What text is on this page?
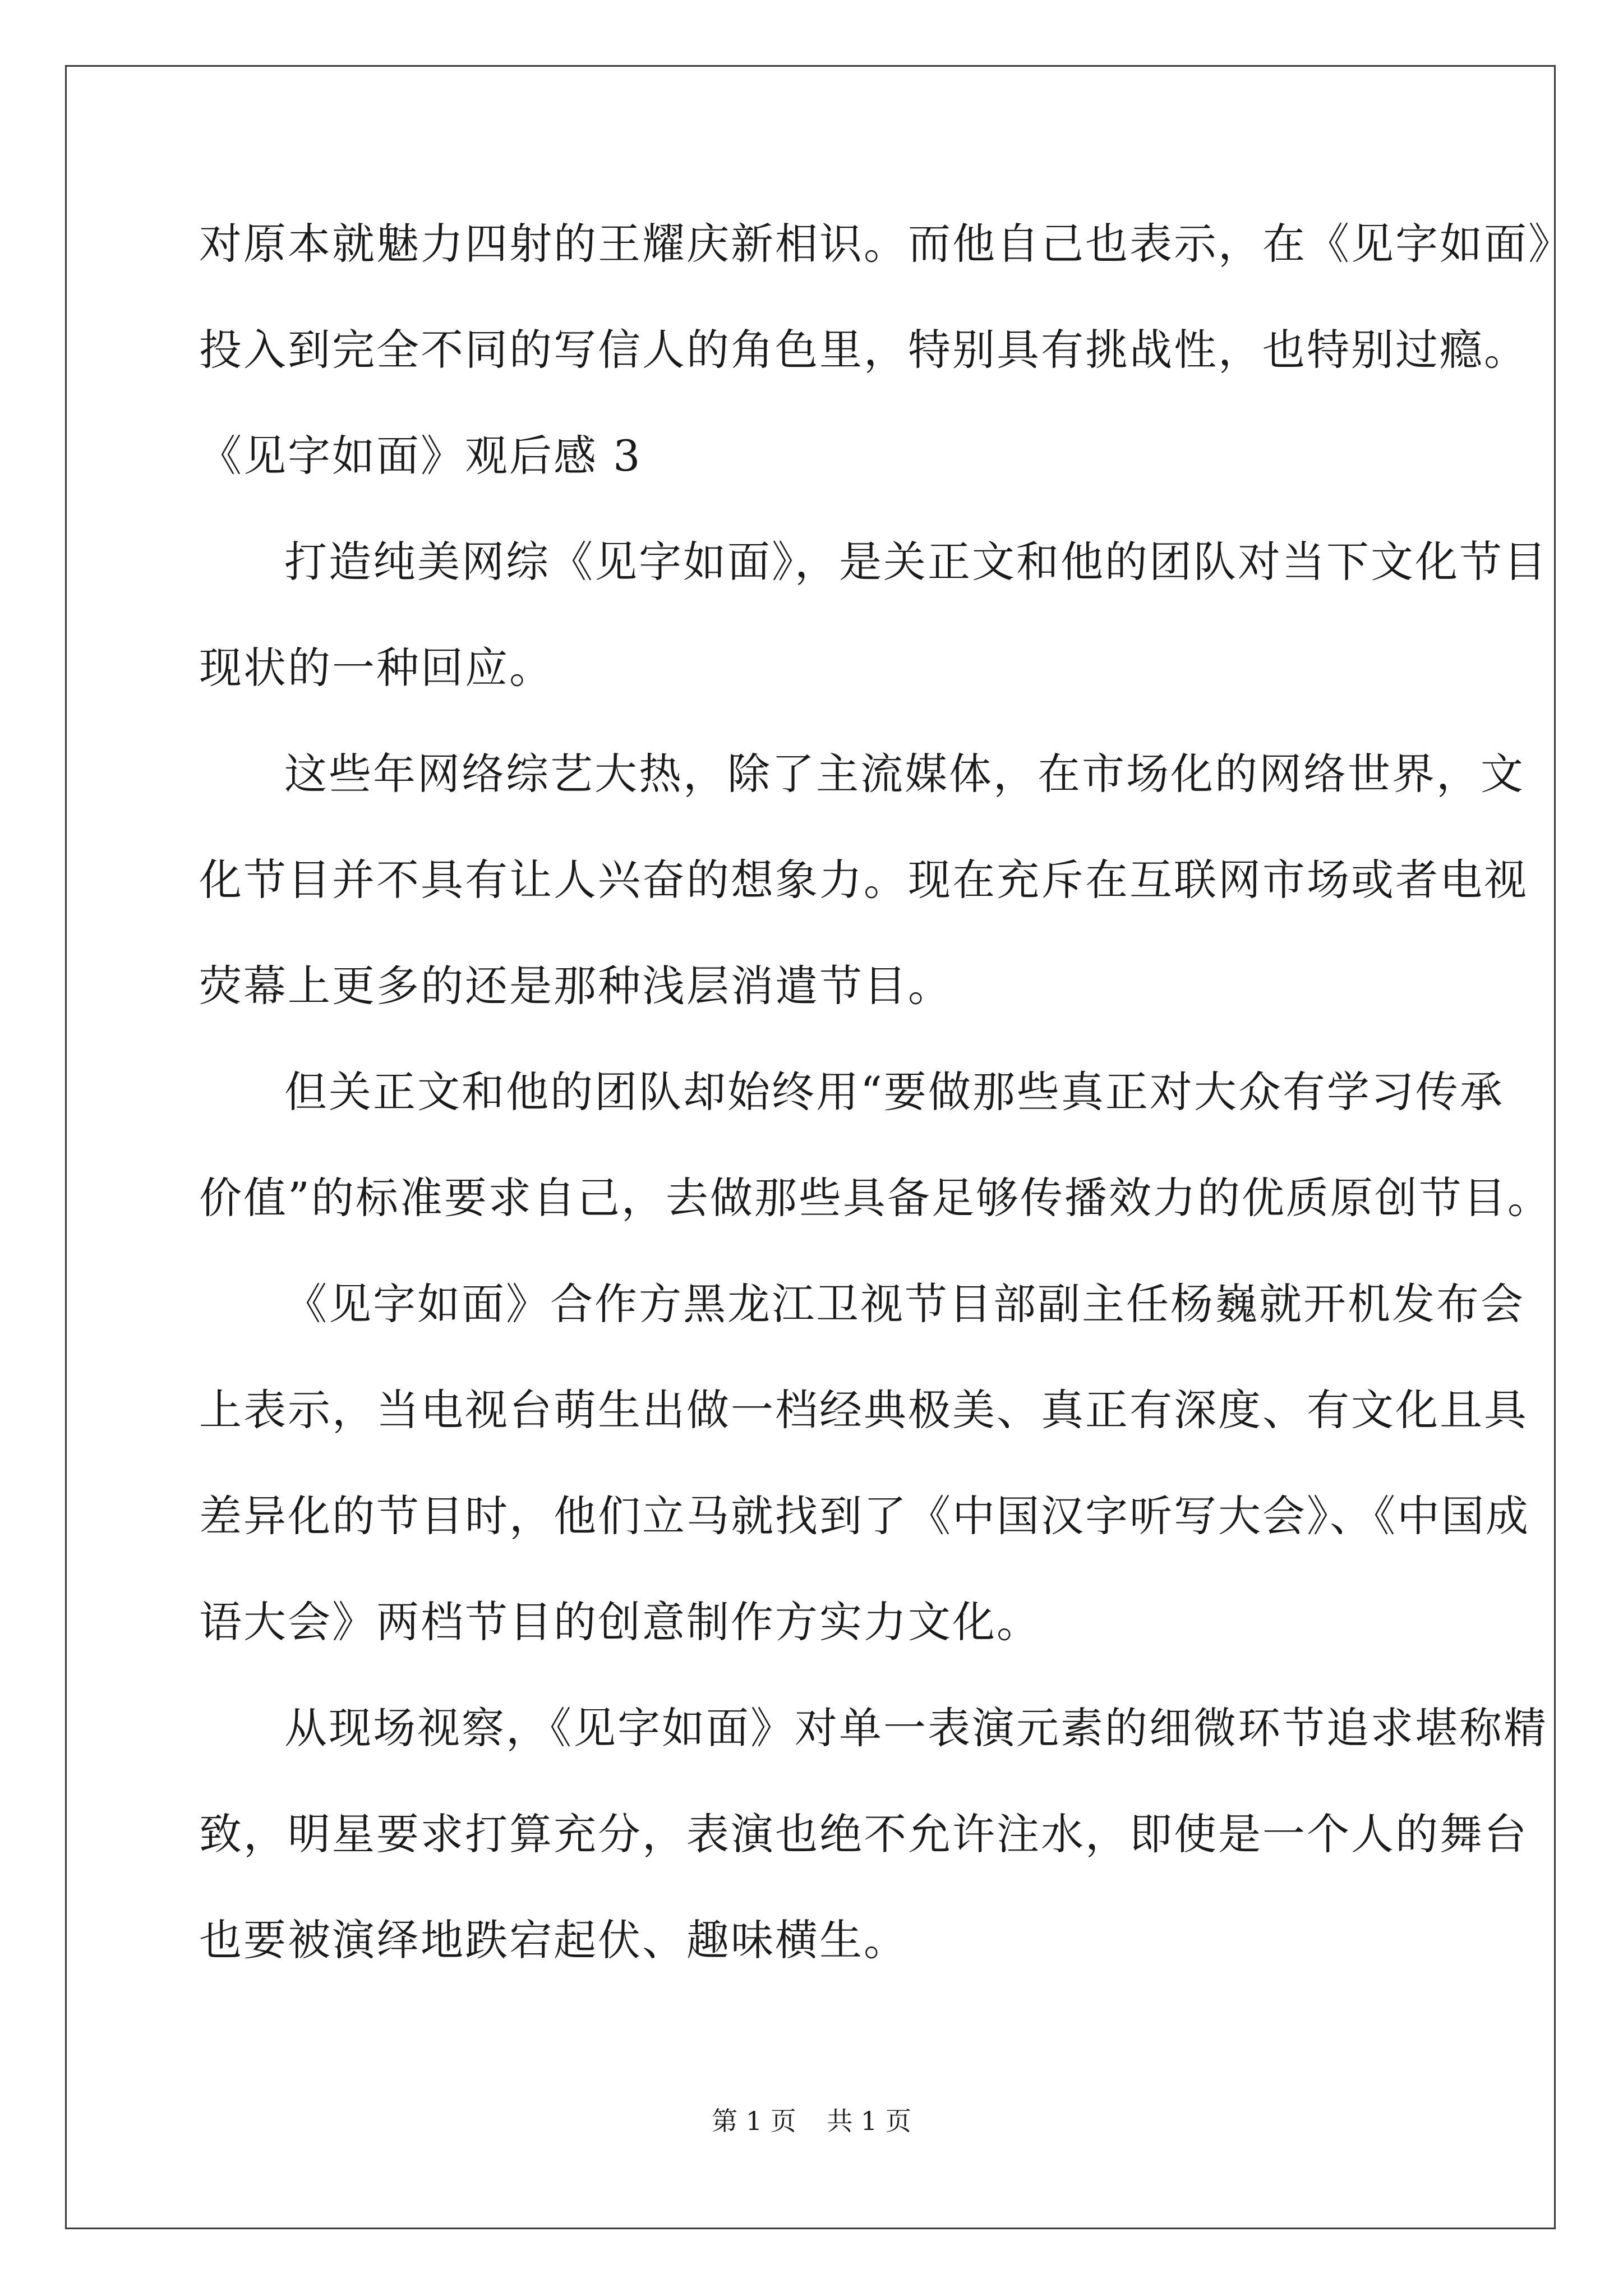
对原本就魅力四射的王耀庆新相识。而他自己也表示，在《见字如面》
投入到完全不同的写信人的角色里，特别具有挑战性，也特别过瘾。
《见字如面》观后感 3
打造纯美网综《见字如面》，是关正文和他的团队对当下文化节目
现状的一种回应。
这些年网络综艺大热，除了主流媒体，在市场化的网络世界，文
化节目并不具有让人兴奋的想象力。现在充斥在互联网市场或者电视
荧幕上更多的还是那种浅层消遣节目。
但关正文和他的团队却始终用“要做那些真正对大众有学习传承
价值”的标准要求自己，去做那些具备足够传播效力的优质原创节目。
《见字如面》合作方黑龙江卫视节目部副主任杨巍就开机发布会
上表示，当电视台萌生出做一档经典极美、真正有深度、有文化且具
差异化的节目时，他们立马就找到了《中国汉字听写大会》、《中国成
语大会》两档节目的创意制作方实力文化。
从现场视察，《见字如面》对单一表演元素的细微环节追求堪称精
致，明星要求打算充分，表演也绝不允许注水，即使是一个人的舞台
也要被演绎地跌宕起伏、趣味横生。
第 1 页 共 1 页
